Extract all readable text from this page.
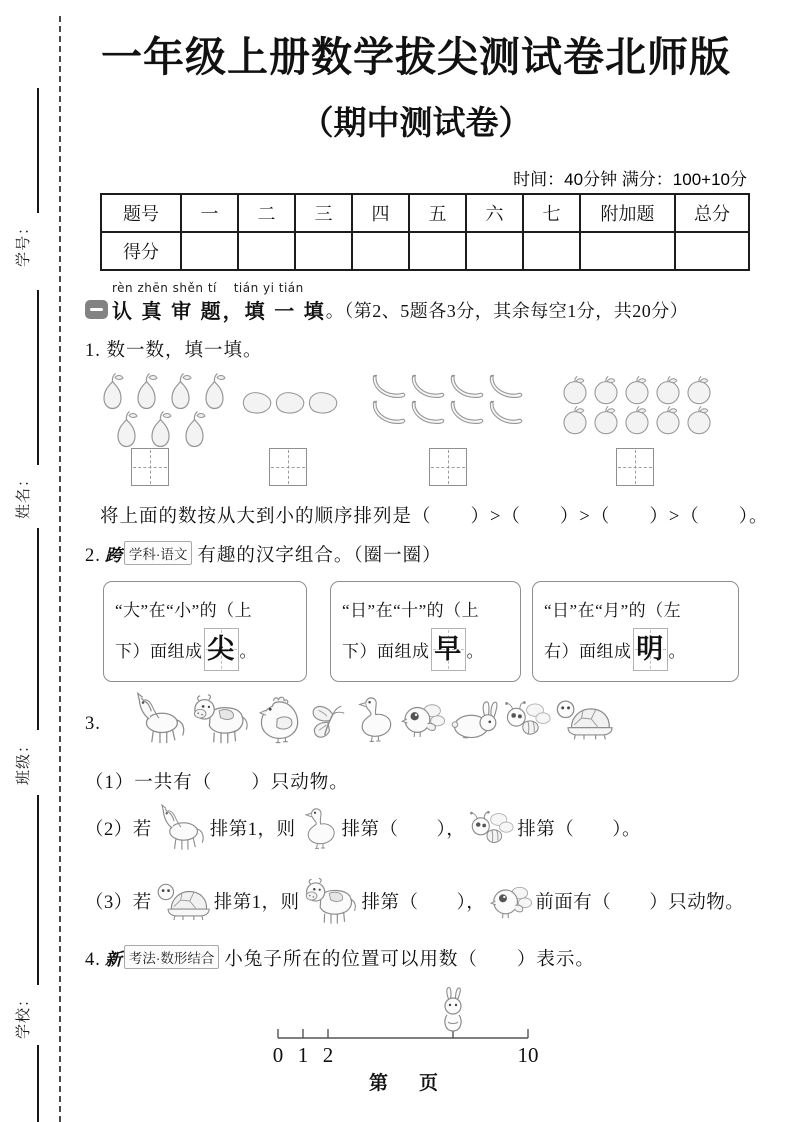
学号：
姓名：
班级：
学校：
一年级上册数学拔尖测试卷北师版
（期中测试卷）
时间：40分钟 满分：100+10分
题号	一	二	三	四	五	六	七	附加题	总分
得分									
rèn zhēn shěn tí　 tián yi tián
认 真 审 题，填 一 填 。（第2、5题各3分，其余每空1分，共20分）
1. 数一数，填一填。
将上面的数按从大到小的顺序排列是（　　）>（　　）>（　　）>（　　）。
2. 跨 学科·语文 有趣的汉字组合。（圈一圈）
“大”在“小”的（上
下）面组成 尖 。
“日”在“十”的（上
下）面组成 早 。
“日”在“月”的（左
右）面组成 明 。
3.
（1）一共有（　　）只动物。
（2）若	排第1，则 排第（　　），	排第（　　）。
（3）若	排第1，则	排第（　　），	前面有（　　）只动物。
4. 新 考法·数形结合 小兔子所在的位置可以用数（　　）表示。
0 1 2	10
第　页
